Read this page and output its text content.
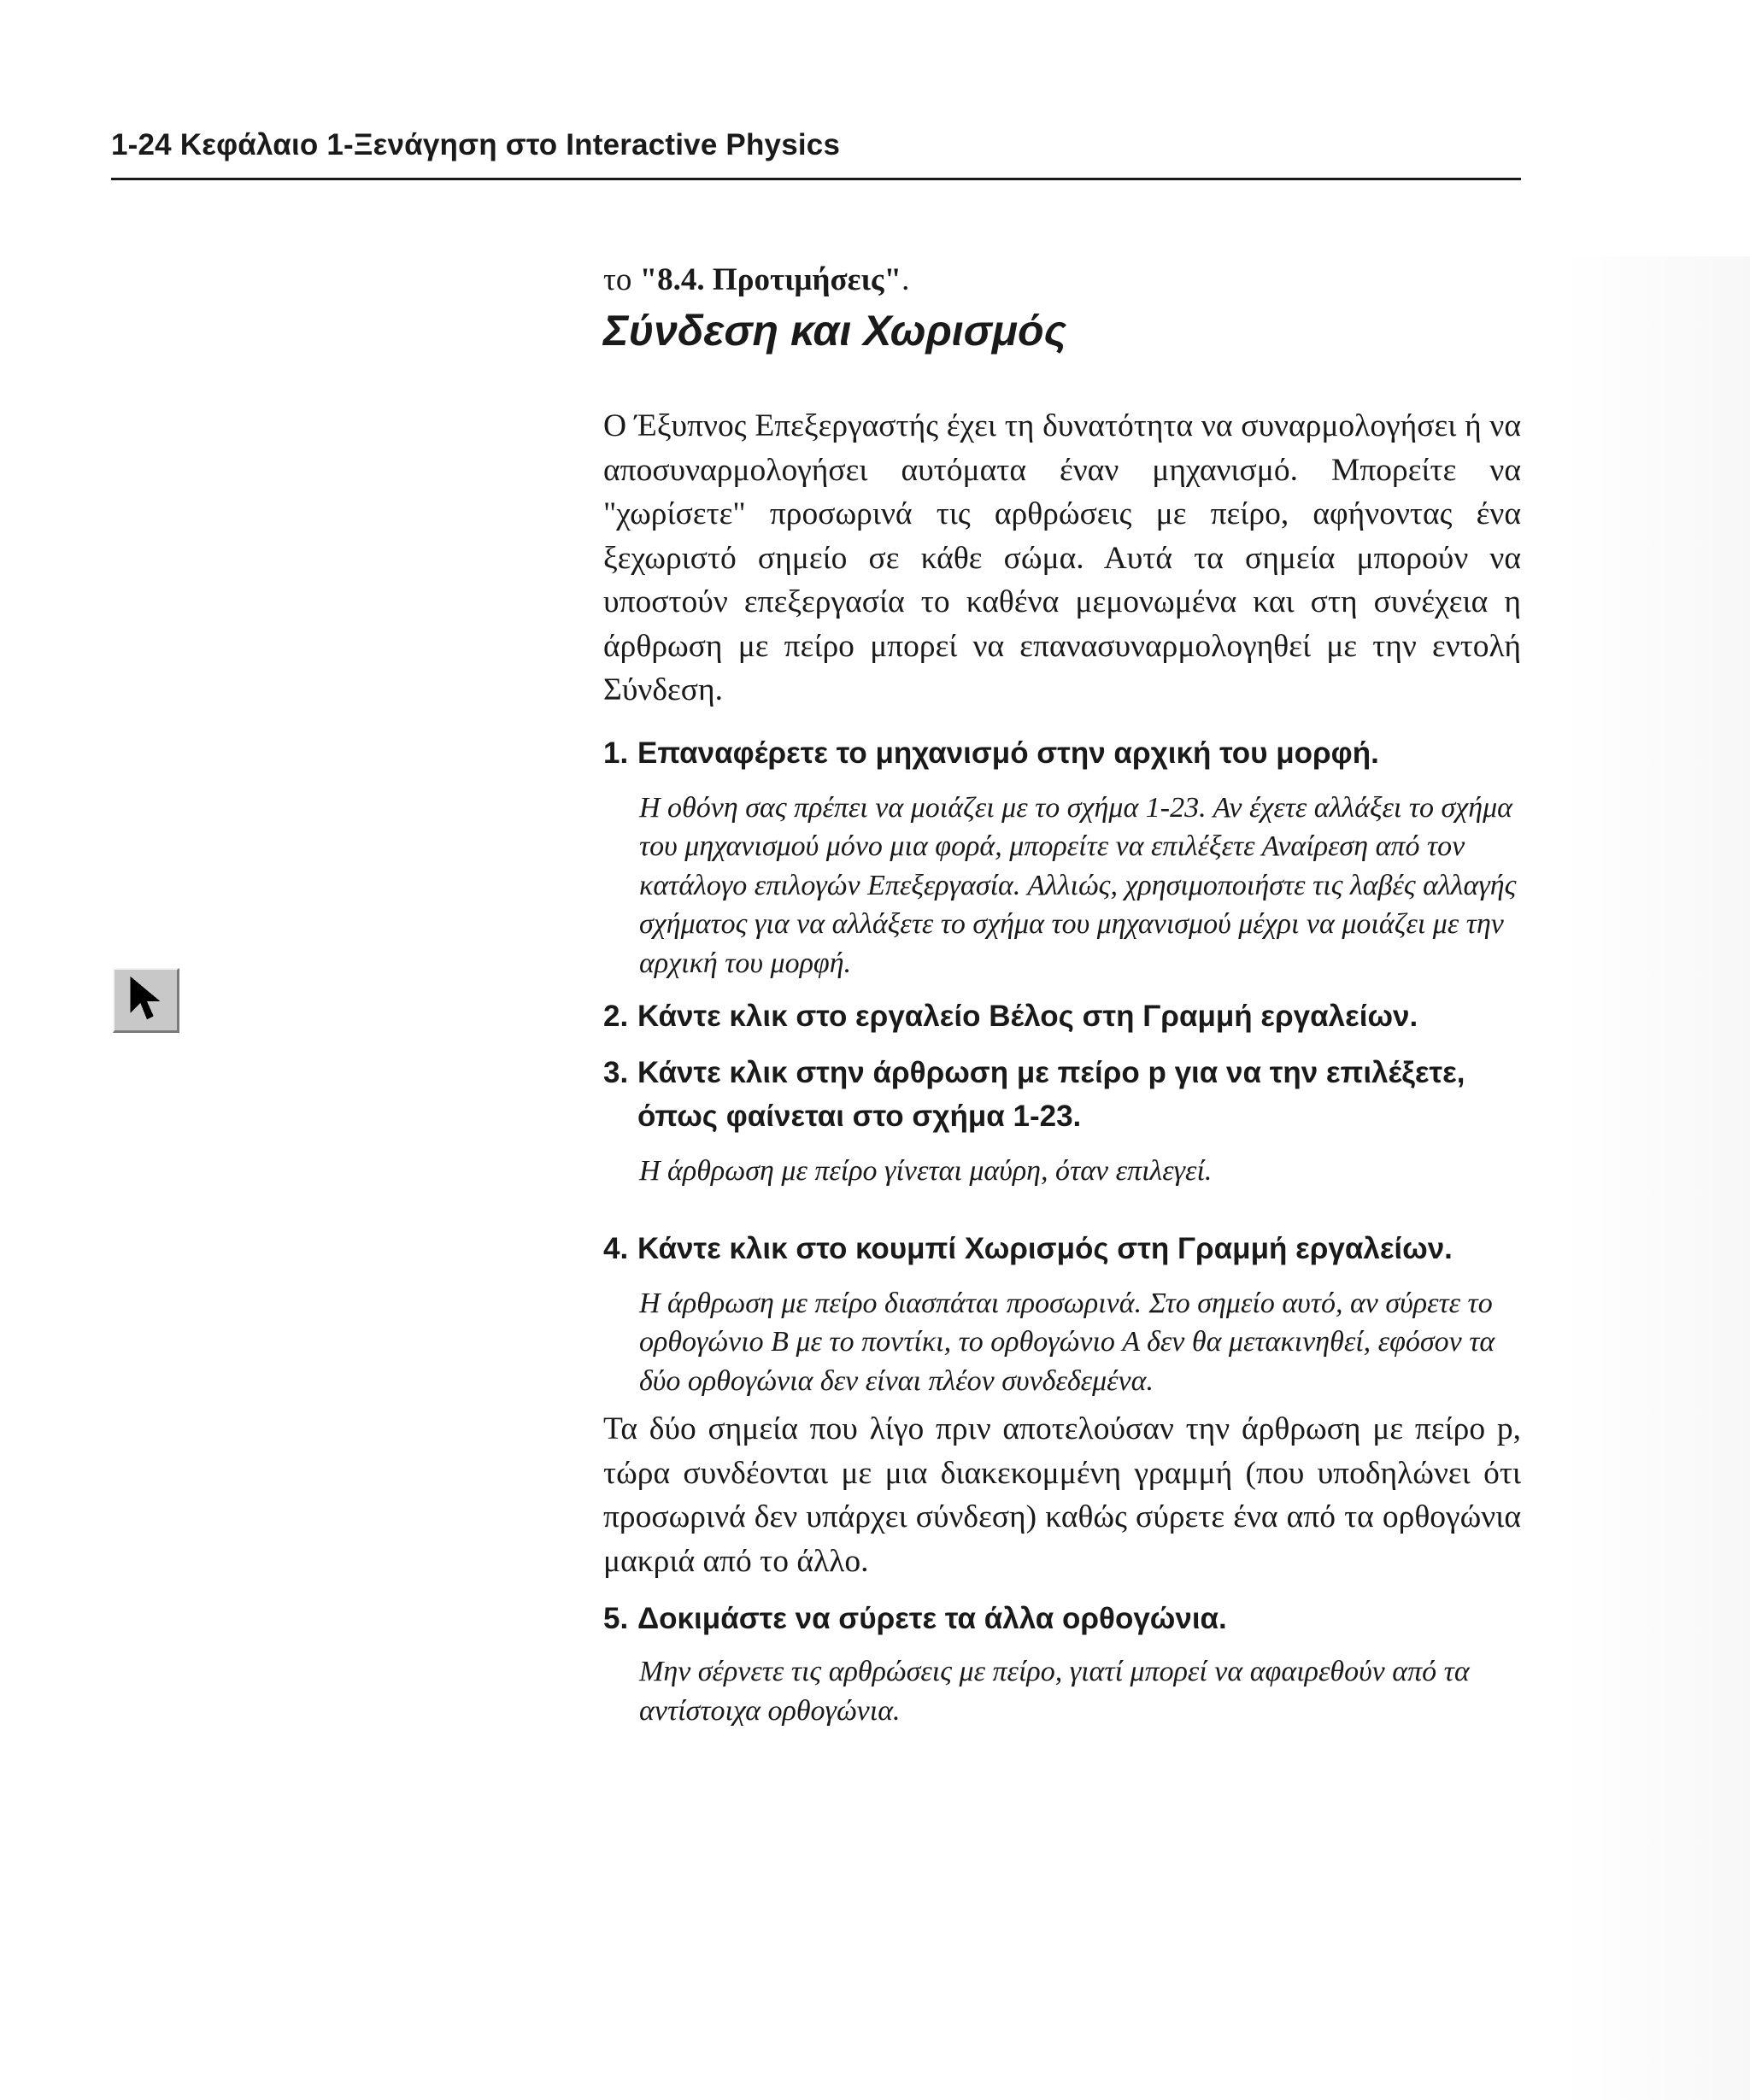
1-24 Κεφάλαιο 1-Ξενάγηση στο Interactive Physics

το "8.4. Προτιμήσεις".

Σύνδεση και Χωρισμός

Ο Έξυπνος Επεξεργαστής έχει τη δυνατότητα να συναρμολογήσει ή να αποσυναρμολογήσει αυτόματα έναν μηχανισμό. Μπορείτε να "χωρίσετε" προσωρινά τις αρθρώσεις με πείρο, αφήνοντας ένα ξεχωριστό σημείο σε κάθε σώμα. Αυτά τα σημεία μπορούν να υποστούν επεξεργασία το καθένα μεμονωμένα και στη συνέχεια η άρθρωση με πείρο μπορεί να επανασυναρμολογηθεί με την εντολή Σύνδεση.

1. Επαναφέρετε το μηχανισμό στην αρχική του μορφή.

Η οθόνη σας πρέπει να μοιάζει με το σχήμα 1-23. Αν έχετε αλλάξει το σχήμα του μηχανισμού μόνο μια φορά, μπορείτε να επιλέξετε Αναίρεση από τον κατάλογο επιλογών Επεξεργασία. Αλλιώς, χρησιμοποιήστε τις λαβές αλλαγής σχήματος για να αλλάξετε το σχήμα του μηχανισμού μέχρι να μοιάζει με την αρχική του μορφή.

2. Κάντε κλικ στο εργαλείο Βέλος στη Γραμμή εργαλείων.
3. Κάντε κλικ στην άρθρωση με πείρο p για να την επιλέξετε, όπως φαίνεται στο σχήμα 1-23.

Η άρθρωση με πείρο γίνεται μαύρη, όταν επιλεγεί.

4. Κάντε κλικ στο κουμπί Χωρισμός στη Γραμμή εργαλείων.

Η άρθρωση με πείρο διασπάται προσωρινά. Στο σημείο αυτό, αν σύρετε το ορθογώνιο B με το ποντίκι, το ορθογώνιο A δεν θα μετακινηθεί, εφόσον τα δύο ορθογώνια δεν είναι πλέον συνδεδεμένα.

Τα δύο σημεία που λίγο πριν αποτελούσαν την άρθρωση με πείρο p, τώρα συνδέονται με μια διακεκομμένη γραμμή (που υποδηλώνει ότι προσωρινά δεν υπάρχει σύνδεση) καθώς σύρετε ένα από τα ορθογώνια μακριά από το άλλο.

5. Δοκιμάστε να σύρετε τα άλλα ορθογώνια.

Μην σέρνετε τις αρθρώσεις με πείρο, γιατί μπορεί να αφαιρεθούν από τα αντίστοιχα ορθογώνια.
